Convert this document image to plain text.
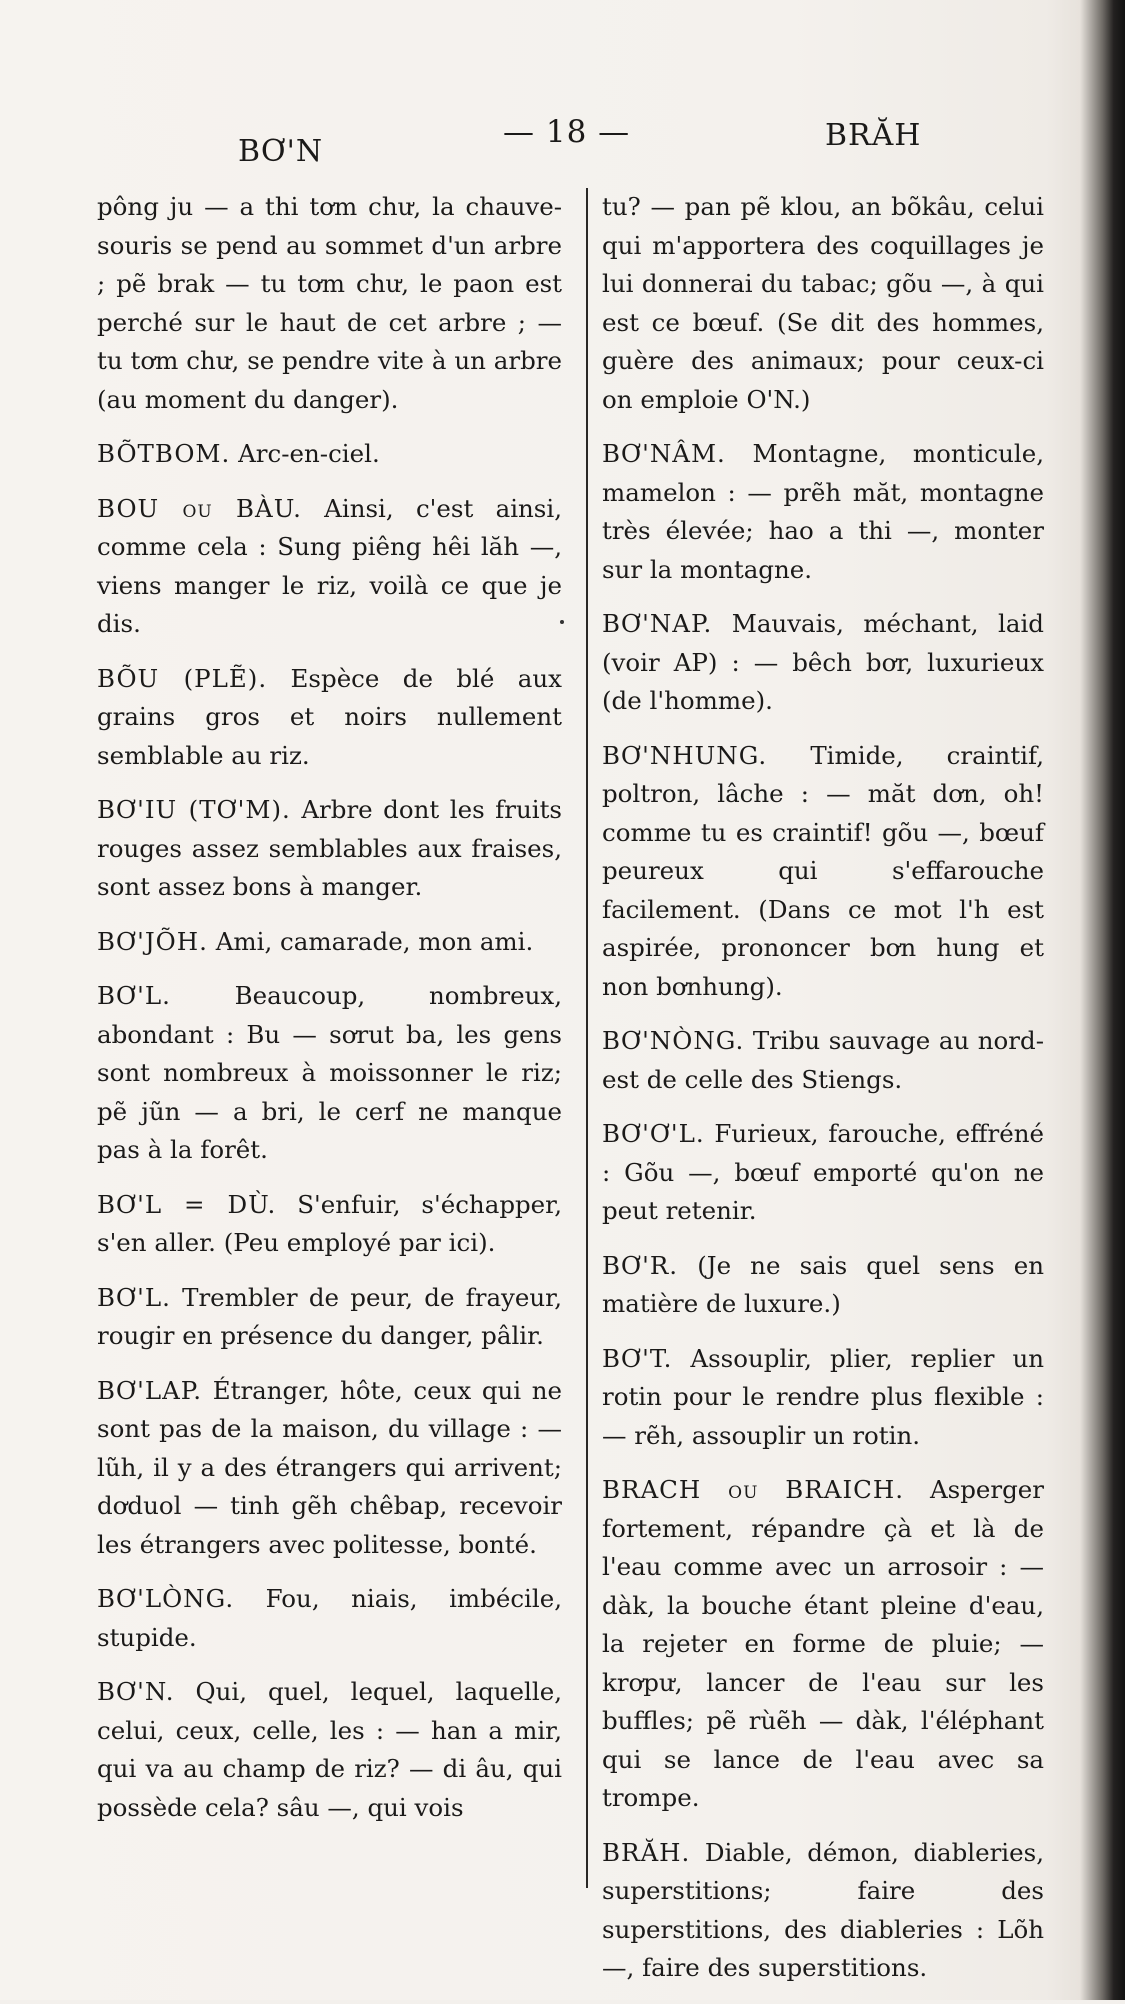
BƠ'N
— 18 —	BRĂH

pông ju — a thi tơm chư, la chauve-souris se pend au sommet d'un arbre ; pẽ brak — tu tơm chư, le paon est perché sur le haut de cet arbre ; — tu tơm chư, se pendre vite à un arbre (au moment du danger).

BÕTBOM. Arc-en-ciel.

BOU ou BÀU. Ainsi, c'est ainsi, comme cela : Sung piêng hêi lăh —, viens manger le riz, voilà ce que je dis.

BÕU (PLẼ). Espèce de blé aux grains gros et noirs nullement semblable au riz.

BƠ'IU (TƠ'M). Arbre dont les fruits rouges assez semblables aux fraises, sont assez bons à manger.

BƠ'JÕH. Ami, camarade, mon ami.

BƠ'L.	Beaucoup, nombreux, abondant : Bu — sơrut ba, les gens sont nombreux à moissonner le riz; pẽ jũn — a bri, le cerf ne manque pas à la forêt.

BƠ'L = DÙ. S'enfuir, s'échapper, s'en aller. (Peu employé par ici).

BƠ'L. Trembler de peur, de frayeur, rougir en présence du danger, pâlir.

BƠ'LAP. Étranger, hôte, ceux qui ne sont pas de la maison, du village : — lũh, il y a des étrangers qui arrivent; dơduol — tinh gẽh chêbap, recevoir les étrangers avec politesse, bonté.

BƠ'LÒNG. Fou, niais, imbécile, stupide.

BƠ'N. Qui, quel, lequel, laquelle, celui, ceux, celle, les : — han a mir, qui va au champ de riz? — di âu, qui possède cela? sâu —, qui vois

tu? — pan pẽ klou, an bõkâu, celui qui m'apportera des coquillages je lui donnerai du tabac; gõu —, à qui est ce bœuf. (Se dit des hommes, guère des animaux; pour ceux-ci on emploie O'N.)

BƠ'NÂM. Montagne, monticule, mamelon : — prẽh măt, montagne très élevée; hao a thi —, monter sur la montagne.

BƠ'NAP. Mauvais, méchant, laid (voir AP) : — bêch bơr, luxurieux (de l'homme).

BƠ'NHUNG. Timide, craintif, poltron, lâche : — măt dơn, oh! comme tu es craintif! gõu —, bœuf peureux qui s'effarouche facilement. (Dans ce mot l'h est aspirée, prononcer bơn hung et non bơnhung).

BƠ'NÒNG. Tribu sauvage au nord-est de celle des Stiengs.

BƠ'Ơ'L. Furieux, farouche, effréné : Gõu —, bœuf emporté qu'on ne peut retenir.

BƠ'R. (Je ne sais quel sens en matière de luxure.)

BƠ'T. Assouplir, plier, replier un rotin pour le rendre plus flexible : — rẽh, assouplir un rotin.

BRACH ou BRAICH. Asperger fortement, répandre çà et là de l'eau comme avec un arrosoir : — dàk, la bouche étant pleine d'eau, la rejeter en forme de pluie; — krơpư, lancer de l'eau sur les buffles; pẽ rùẽh — dàk, l'éléphant qui se lance de l'eau avec sa trompe.

BRĂH. Diable, démon, diableries, superstitions; faire des superstitions, des diableries : Lõh —, faire des superstitions.
